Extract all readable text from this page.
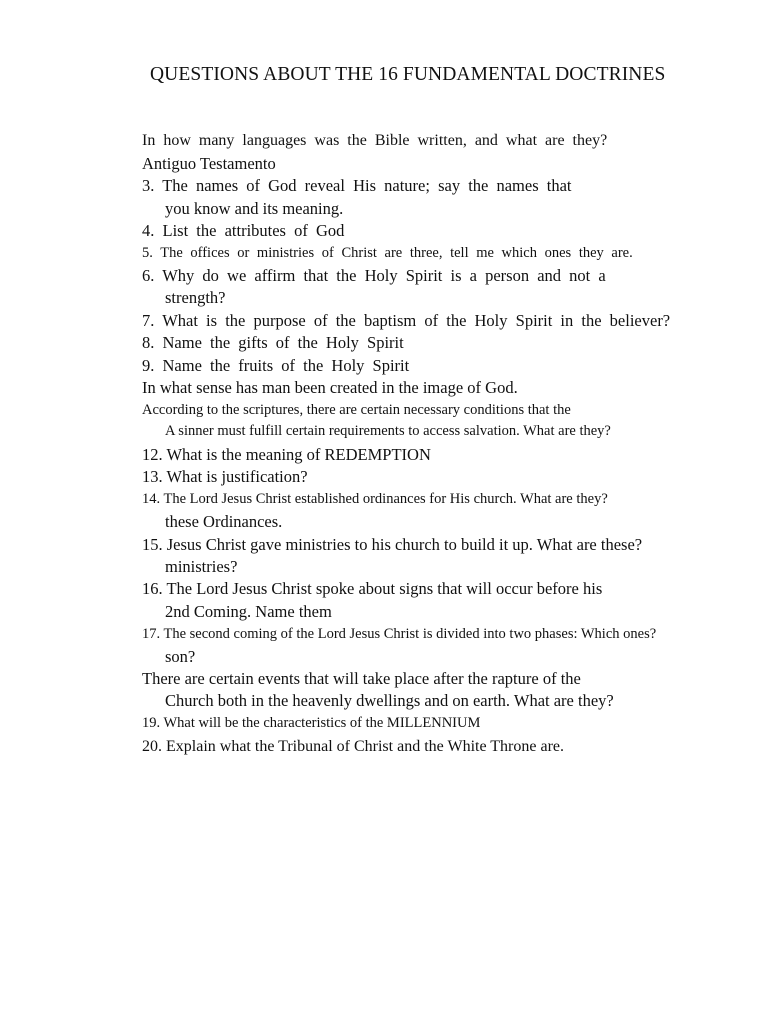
QUESTIONS ABOUT THE 16 FUNDAMENTAL DOCTRINES
In how many languages was the Bible written, and what are they?
Antiguo Testamento
3. The names of God reveal His nature; say the names that
you know and its meaning.
4. List the attributes of God
5. The offices or ministries of Christ are three, tell me which ones they are.
6. Why do we affirm that the Holy Spirit is a person and not a
strength?
7. What is the purpose of the baptism of the Holy Spirit in the believer?
8. Name the gifts of the Holy Spirit
9. Name the fruits of the Holy Spirit
In what sense has man been created in the image of God.
According to the scriptures, there are certain necessary conditions that the
A sinner must fulfill certain requirements to access salvation. What are they?
12. What is the meaning of REDEMPTION
13. What is justification?
14. The Lord Jesus Christ established ordinances for His church. What are they?
these Ordinances.
15. Jesus Christ gave ministries to his church to build it up. What are these?
ministries?
16. The Lord Jesus Christ spoke about signs that will occur before his
2nd Coming. Name them
17. The second coming of the Lord Jesus Christ is divided into two phases: Which ones?
son?
There are certain events that will take place after the rapture of the
Church both in the heavenly dwellings and on earth. What are they?
19. What will be the characteristics of the MILLENNIUM
20. Explain what the Tribunal of Christ and the White Throne are.
